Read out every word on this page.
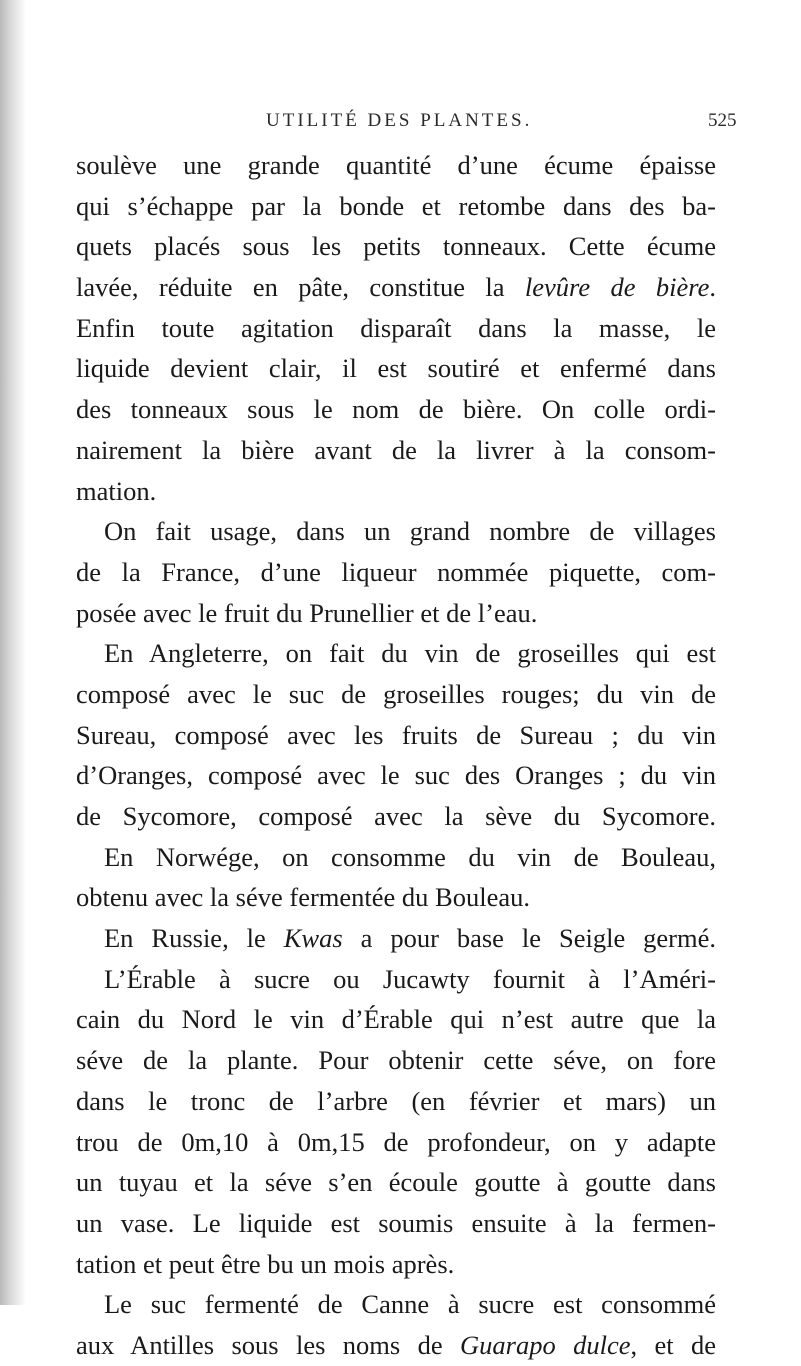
UTILITÉ DES PLANTES.	525
soulève une grande quantité d’une écume épaisse
qui s’échappe par la bonde et retombe dans des ba-
quets placés sous les petits tonneaux. Cette écume
lavée, réduite en pâte, constitue la levûre de bière.
Enfin toute agitation disparaît dans la masse, le
liquide devient clair, il est soutiré et enfermé dans
des tonneaux sous le nom de bière. On colle ordi-
nairement la bière avant de la livrer à la consom-
mation.
On fait usage, dans un grand nombre de villages
de la France, d’une liqueur nommée piquette, com-
posée avec le fruit du Prunellier et de l’eau.
En Angleterre, on fait du vin de groseilles qui est
composé avec le suc de groseilles rouges; du vin de
Sureau, composé avec les fruits de Sureau ; du vin
d’Oranges, composé avec le suc des Oranges ; du vin
de Sycomore, composé avec la sève du Sycomore.
En Norwége, on consomme du vin de Bouleau,
obtenu avec la séve fermentée du Bouleau.
En Russie, le Kwas a pour base le Seigle germé.
L’Érable à sucre ou Jucawty fournit à l’Améri-
cain du Nord le vin d’Érable qui n’est autre que la
séve de la plante. Pour obtenir cette séve, on fore
dans le tronc de l’arbre (en février et mars) un
trou de 0m,10 à 0m,15 de profondeur, on y adapte
un tuyau et la séve s’en écoule goutte à goutte dans
un vase. Le liquide est soumis ensuite à la fermen-
tation et peut être bu un mois après.
Le suc fermenté de Canne à sucre est consommé
aux Antilles sous les noms de Guarapo dulce, et de
